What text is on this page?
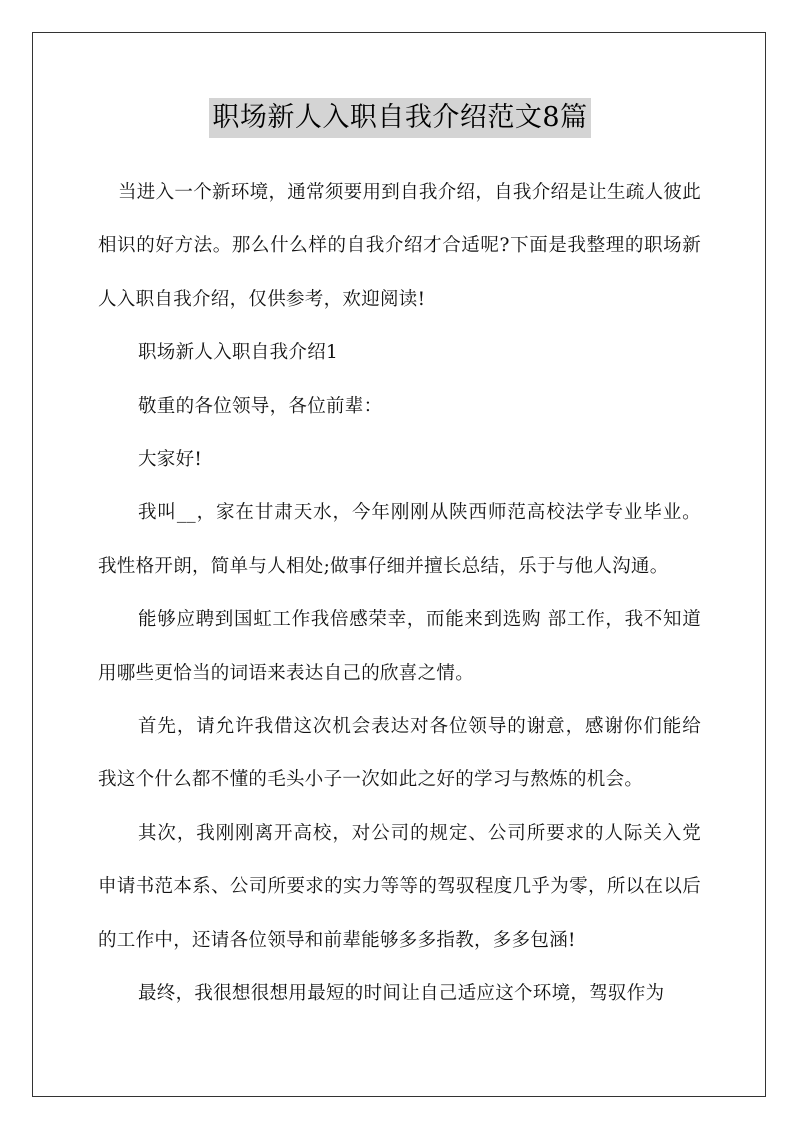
职场新人入职自我介绍范文8篇

当进入一个新环境，通常须要用到自我介绍，自我介绍是让生疏人彼此相识的好方法。那么什么样的自我介绍才合适呢?下面是我整理的职场新人入职自我介绍，仅供参考，欢迎阅读!

职场新人入职自我介绍1

敬重的各位领导，各位前辈：

大家好!

我叫__，家在甘肃天水，今年刚刚从陕西师范高校法学专业毕业。我性格开朗，简单与人相处;做事仔细并擅长总结，乐于与他人沟通。

能够应聘到国虹工作我倍感荣幸，而能来到选购 部工作，我不知道用哪些更恰当的词语来表达自己的欣喜之情。

首先，请允许我借这次机会表达对各位领导的谢意，感谢你们能给我这个什么都不懂的毛头小子一次如此之好的学习与熬炼的机会。

其次，我刚刚离开高校，对公司的规定、公司所要求的人际关入党申请书范本系、公司所要求的实力等等的驾驭程度几乎为零，所以在以后的工作中，还请各位领导和前辈能够多多指教，多多包涵!

最终，我很想很想用最短的时间让自己适应这个环境，驾驭作为
